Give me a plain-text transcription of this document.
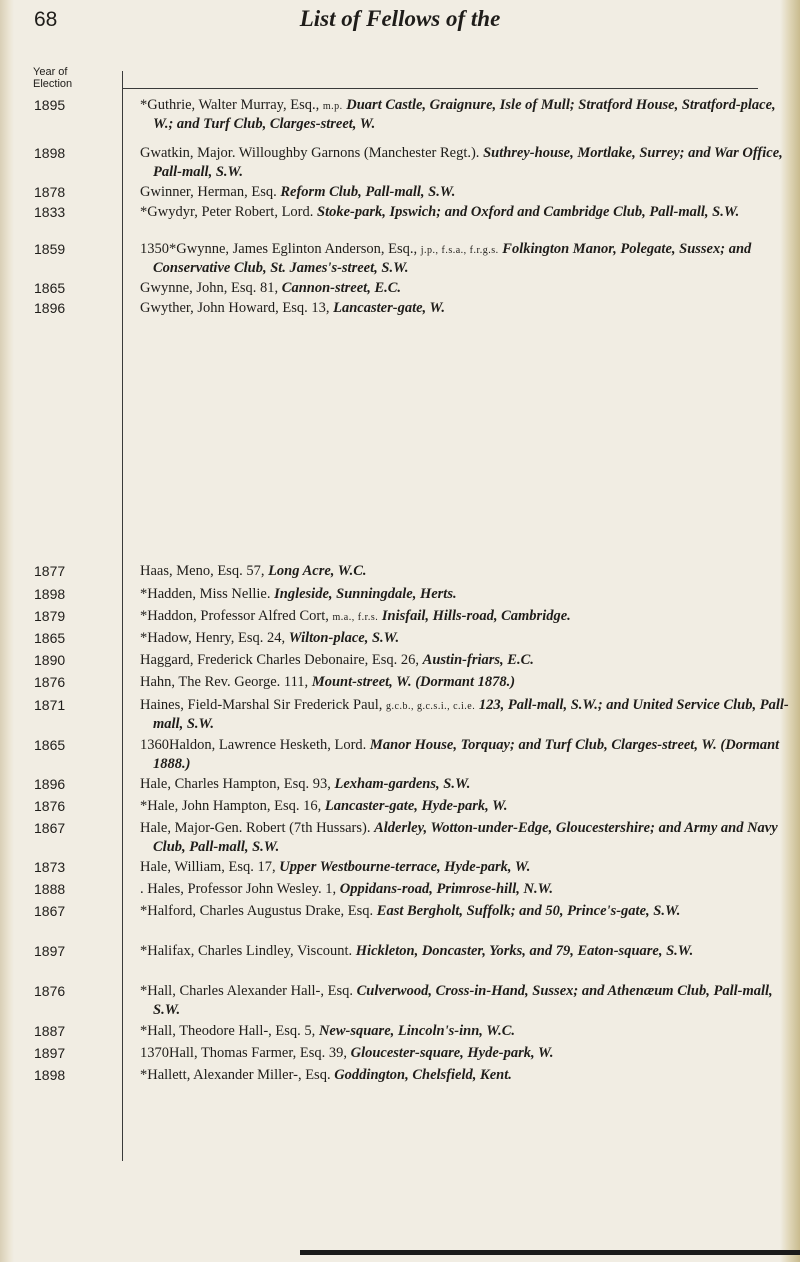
68	List of Fellows of the
Year of
Election
1895	*Guthrie, Walter Murray, Esq., m.p. Duart Castle, Graignure, Isle of Mull; Stratford House, Stratford-place, W.; and Turf Club, Clarges-street, W.
1898	Gwatkin, Major. Willoughby Garnons (Manchester Regt.). Suthrey-house, Mortlake, Surrey; and War Office, Pall-mall, S.W.
1878	Gwinner, Herman, Esq. Reform Club, Pall-mall, S.W.
1833	*Gwydyr, Peter Robert, Lord. Stoke-park, Ipswich; and Oxford and Cambridge Club, Pall-mall, S.W.
1859	1350*Gwynne, James Eglinton Anderson, Esq., j.p., f.s.a., f.r.g.s. Folkington Manor, Polegate, Sussex; and Conservative Club, St. James's-street, S.W.
1865	Gwynne, John, Esq. 81, Cannon-street, E.C.
1896	Gwyther, John Howard, Esq. 13, Lancaster-gate, W.
1877	Haas, Meno, Esq. 57, Long Acre, W.C.
1898	*Hadden, Miss Nellie. Ingleside, Sunningdale, Herts.
1879	*Haddon, Professor Alfred Cort, m.a., f.r.s. Inisfail, Hills-road, Cambridge.
1865	*Hadow, Henry, Esq. 24, Wilton-place, S.W.
1890	Haggard, Frederick Charles Debonaire, Esq. 26, Austin-friars, E.C.
1876	Hahn, The Rev. George. 111, Mount-street, W. (Dormant 1878.)
1871	Haines, Field-Marshal Sir Frederick Paul, g.c.b., g.c.s.i., c.i.e. 123, Pall-mall, S.W.; and United Service Club, Pall-mall, S.W.
1865	1360Haldon, Lawrence Hesketh, Lord. Manor House, Torquay; and Turf Club, Clarges-street, W. (Dormant 1888.)
1896	Hale, Charles Hampton, Esq. 93, Lexham-gardens, S.W.
1876	*Hale, John Hampton, Esq. 16, Lancaster-gate, Hyde-park, W.
1867	Hale, Major-Gen. Robert (7th Hussars). Alderley, Wotton-under-Edge, Gloucestershire; and Army and Navy Club, Pall-mall, S.W.
1873	Hale, William, Esq. 17, Upper Westbourne-terrace, Hyde-park, W.
1888	. Hales, Professor John Wesley. 1, Oppidans-road, Primrose-hill, N.W.
1867	*Halford, Charles Augustus Drake, Esq. East Bergholt, Suffolk; and 50, Prince's-gate, S.W.
1897	*Halifax, Charles Lindley, Viscount. Hickleton, Doncaster, Yorks, and 79, Eaton-square, S.W.
1876	*Hall, Charles Alexander Hall-, Esq. Culverwood, Cross-in-Hand, Sussex; and Athenæum Club, Pall-mall, S.W.
1887	*Hall, Theodore Hall-, Esq. 5, New-square, Lincoln's-inn, W.C.
1897	1370Hall, Thomas Farmer, Esq. 39, Gloucester-square, Hyde-park, W.
1898	*Hallett, Alexander Miller-, Esq. Goddington, Chelsfield, Kent.
